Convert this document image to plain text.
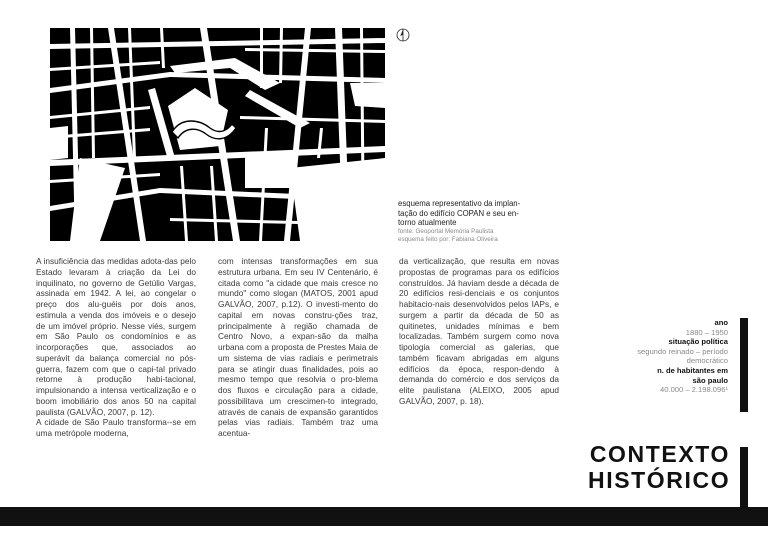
esquema representativo da implan-
tação do edifício COPAN e seu en-
torno atualmente
fonte: Geoportal Memória Paulista
esquema feito por: Fabiana Oliveira

A insuficiência das medidas adota-das pelo Estado levaram à criação da Lei do inquilinato, no governo de Getúlio Vargas, assinada em 1942. A lei, ao congelar o preço dos alu-guéis por dois anos, estimula a venda dos imóveis e o desejo de um imóvel próprio. Nesse viés, surgem em São Paulo os condomínios e as incorporações que, associados ao superávit da balança comercial no pós-guerra, fazem com que o capi-tal privado retorne à produção habi-tacional, impulsionando a intensa verticalização e o boom imobiliário dos anos 50 na capital paulista (GALVÃO, 2007, p. 12).

A cidade de São Paulo transforma--se em uma metrópole moderna,

com intensas transformações em sua estrutura urbana. Em seu IV Centenário, é citada como "a cidade que mais cresce no mundo" como slogan (MATOS, 2001 apud GALVÃO, 2007, p.12). O investi-mento do capital em novas constru-ções traz, principalmente à região chamada de Centro Novo, a expan-são da malha urbana com a proposta de Prestes Maia de um sistema de vias radiais e perimetrais para se atingir duas finalidades, pois ao mesmo tempo que resolvia o pro-blema dos fluxos e circulação para a cidade, possibilitava um crescimen-to integrado, através de canais de expansão garantidos pelas vias radiais. Também traz uma acentua-

da verticalização, que resulta em novas propostas de programas para os edifícios construídos. Já haviam desde a década de 20 edifícios resi-denciais e os conjuntos habitacio-nais desenvolvidos pelos IAPs, e surgem a partir da década de 50 as quitinetes, unidades mínimas e bem localizadas. Também surgem como nova tipologia comercial as galerias, que também ficavam abrigadas em alguns edifícios da época, respon-dendo à demanda do comércio e dos serviços da elite paulistana (ALEIXO, 2005 apud GALVÃO, 2007, p. 18).

ano
1880 – 1950
situação política
segundo reinado – período
democrático
n. de habitantes em
são paulo
40.000 – 2.198.096¹
CONTEXTO
HISTÓRICO
